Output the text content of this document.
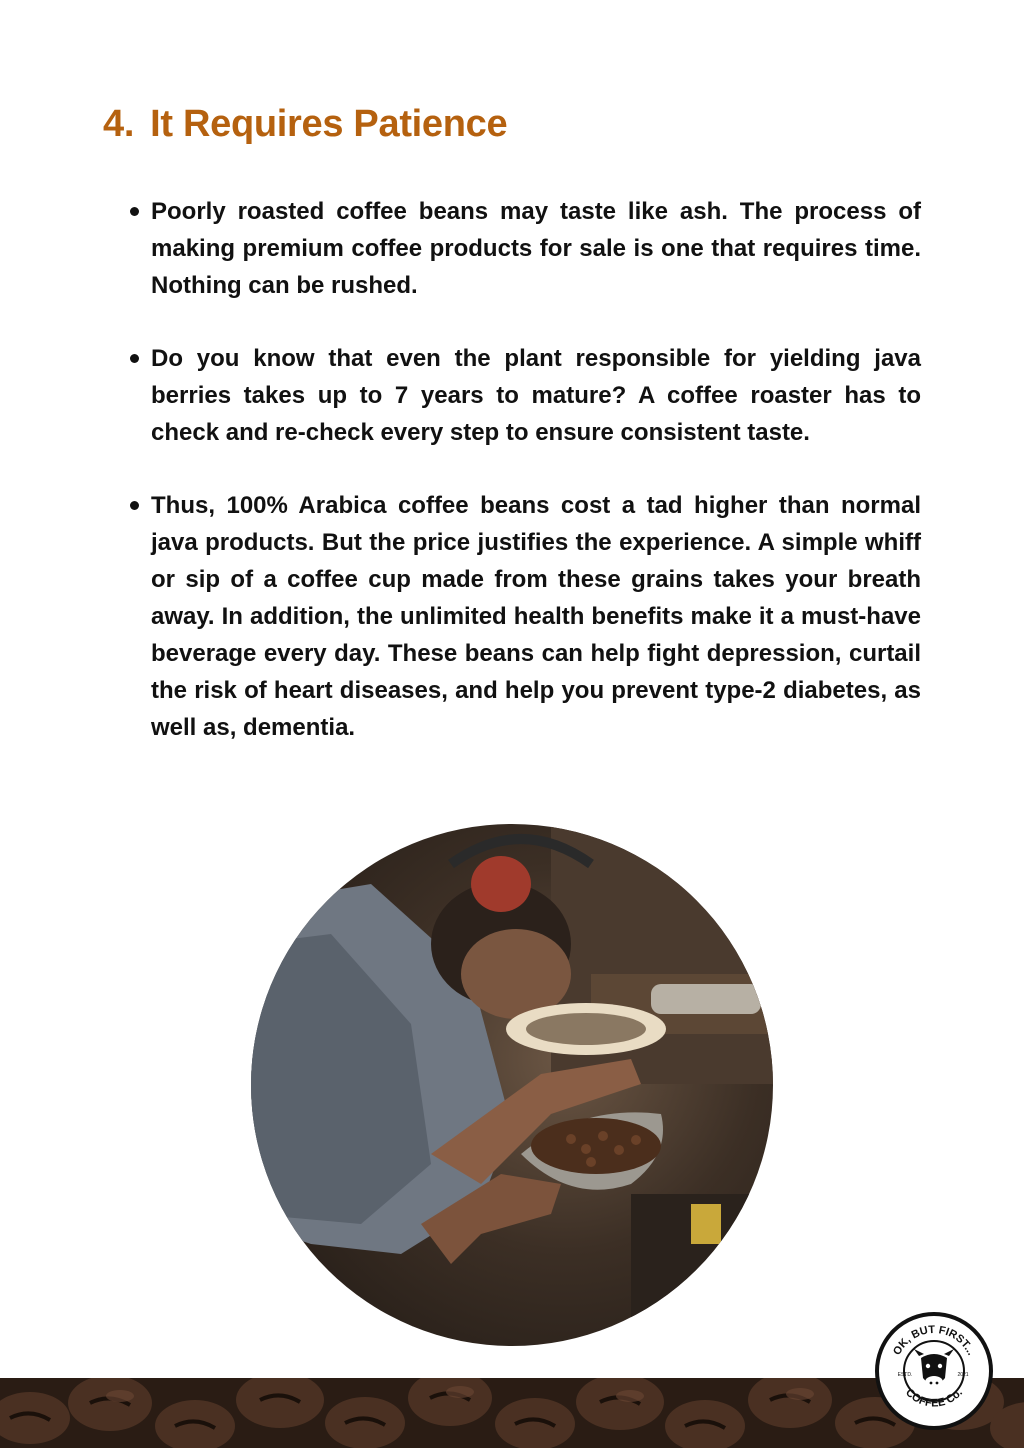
4. It Requires Patience
Poorly roasted coffee beans may taste like ash. The process of making premium coffee products for sale is one that requires time. Nothing can be rushed.
Do you know that even the plant responsible for yielding java berries takes up to 7 years to mature? A coffee roaster has to check and re-check every step to ensure consistent taste.
Thus, 100% Arabica coffee beans cost a tad higher than normal java products. But the price justifies the experience. A simple whiff or sip of a coffee cup made from these grains takes your breath away. In addition, the unlimited health benefits make it a must-have beverage every day. These beans can help fight depression, curtail the risk of heart diseases, and help you prevent type-2 diabetes, as well as, dementia.
OK, BUT FIRST...
COFFEE Co.
ESTD.	2021
